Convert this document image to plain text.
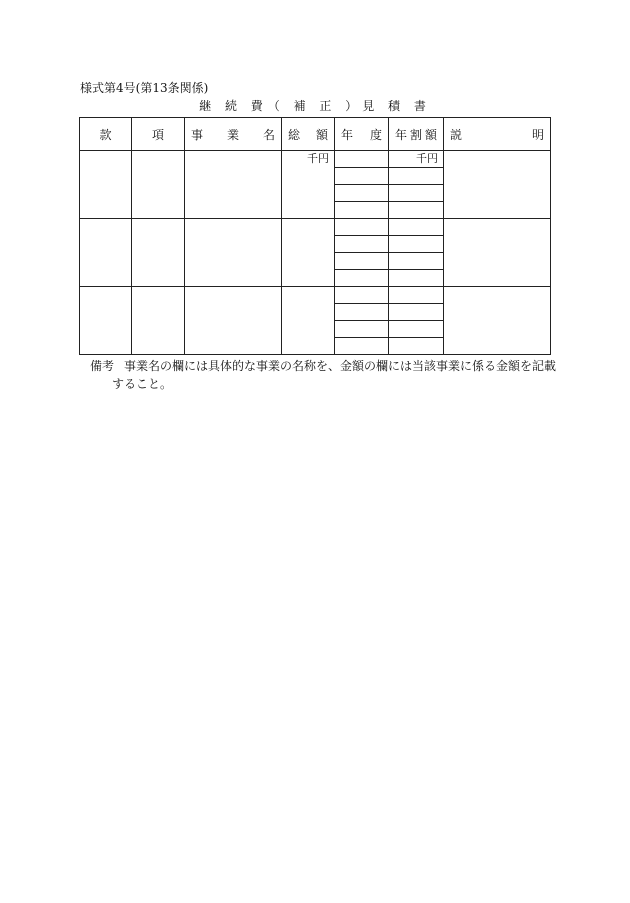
様式第4号(第13条関係)
継 続 費（ 補 正 ）見 積 書
款	項	事 業 名	総 額	年 度	年 割 額	説 明

			千円		千円	

備考 事業名の欄には具体的な事業の名称を、金額の欄には当該事業に係る金額を記載
すること。
